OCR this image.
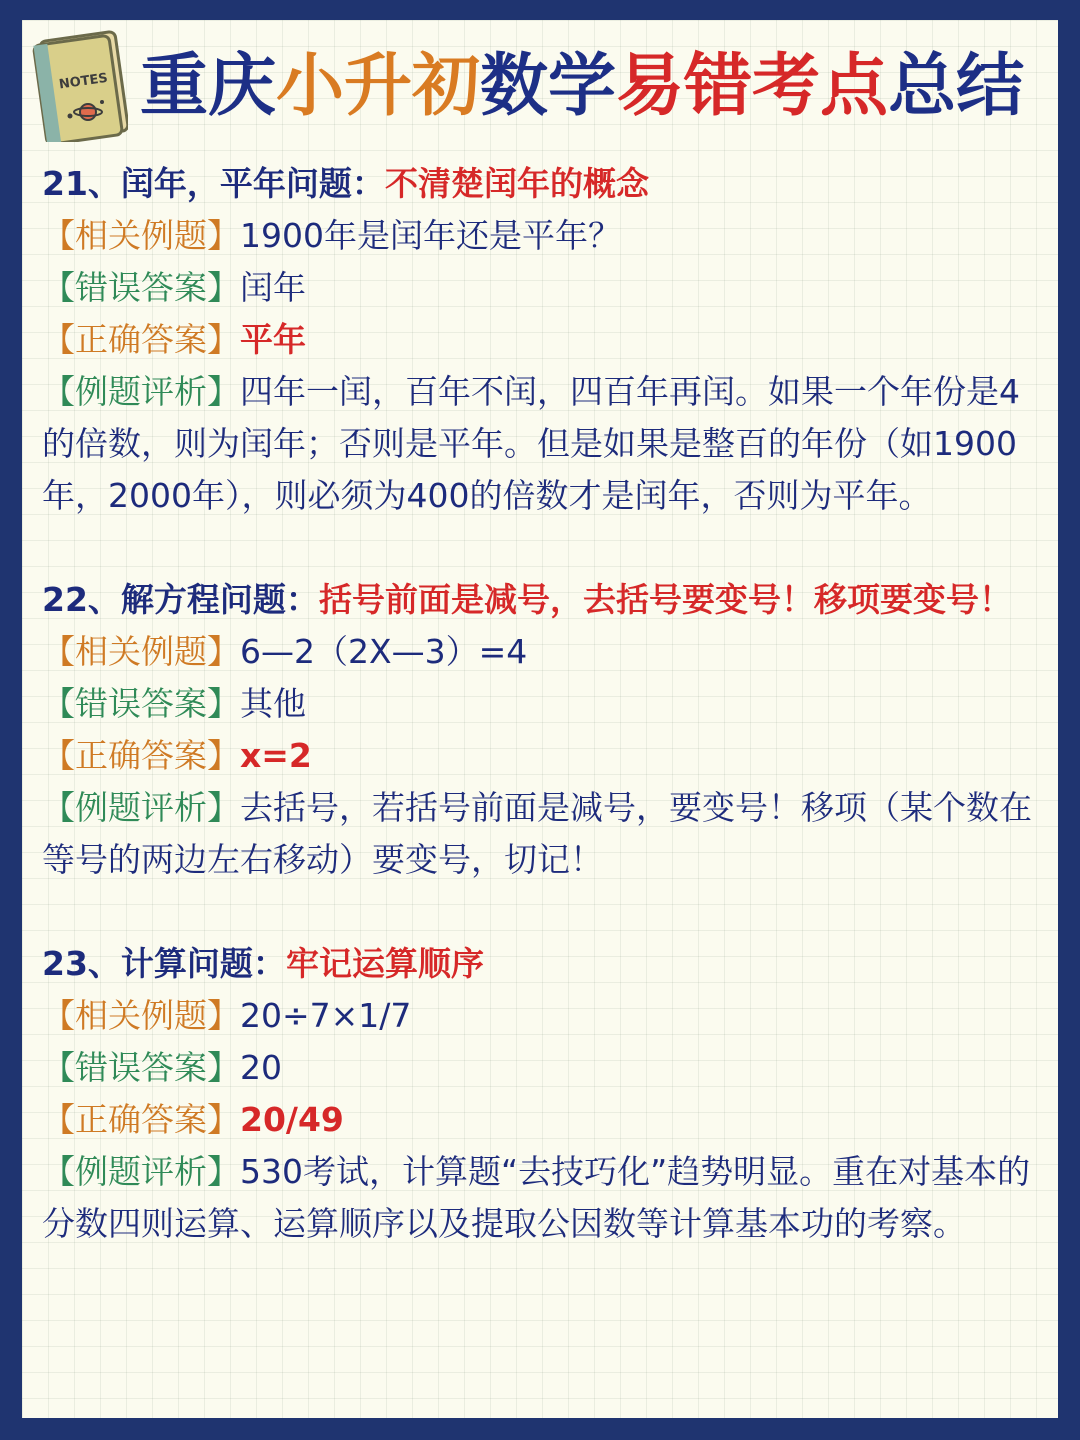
NOTES 重庆小升初数学易错考点总结

21、闰年，平年问题：不清楚闰年的概念

【相关例题】1900年是闰年还是平年？

【错误答案】闰年

【正确答案】平年

【例题评析】四年一闰，百年不闰，四百年再闰。如果一个年份是4的倍数，则为闰年；否则是平年。但是如果是整百的年份（如1900年，2000年），则必须为400的倍数才是闰年，否则为平年。

22、解方程问题：括号前面是减号，去括号要变号！移项要变号！

【相关例题】6—2（2X—3）=4

【错误答案】其他

【正确答案】x=2

【例题评析】去括号，若括号前面是减号，要变号！移项（某个数在等号的两边左右移动）要变号，切记！

23、计算问题：牢记运算顺序

【相关例题】20÷7×1/7

【错误答案】20

【正确答案】20/49

【例题评析】530考试，计算题“去技巧化”趋势明显。重在对基本的分数四则运算、运算顺序以及提取公因数等计算基本功的考察。
